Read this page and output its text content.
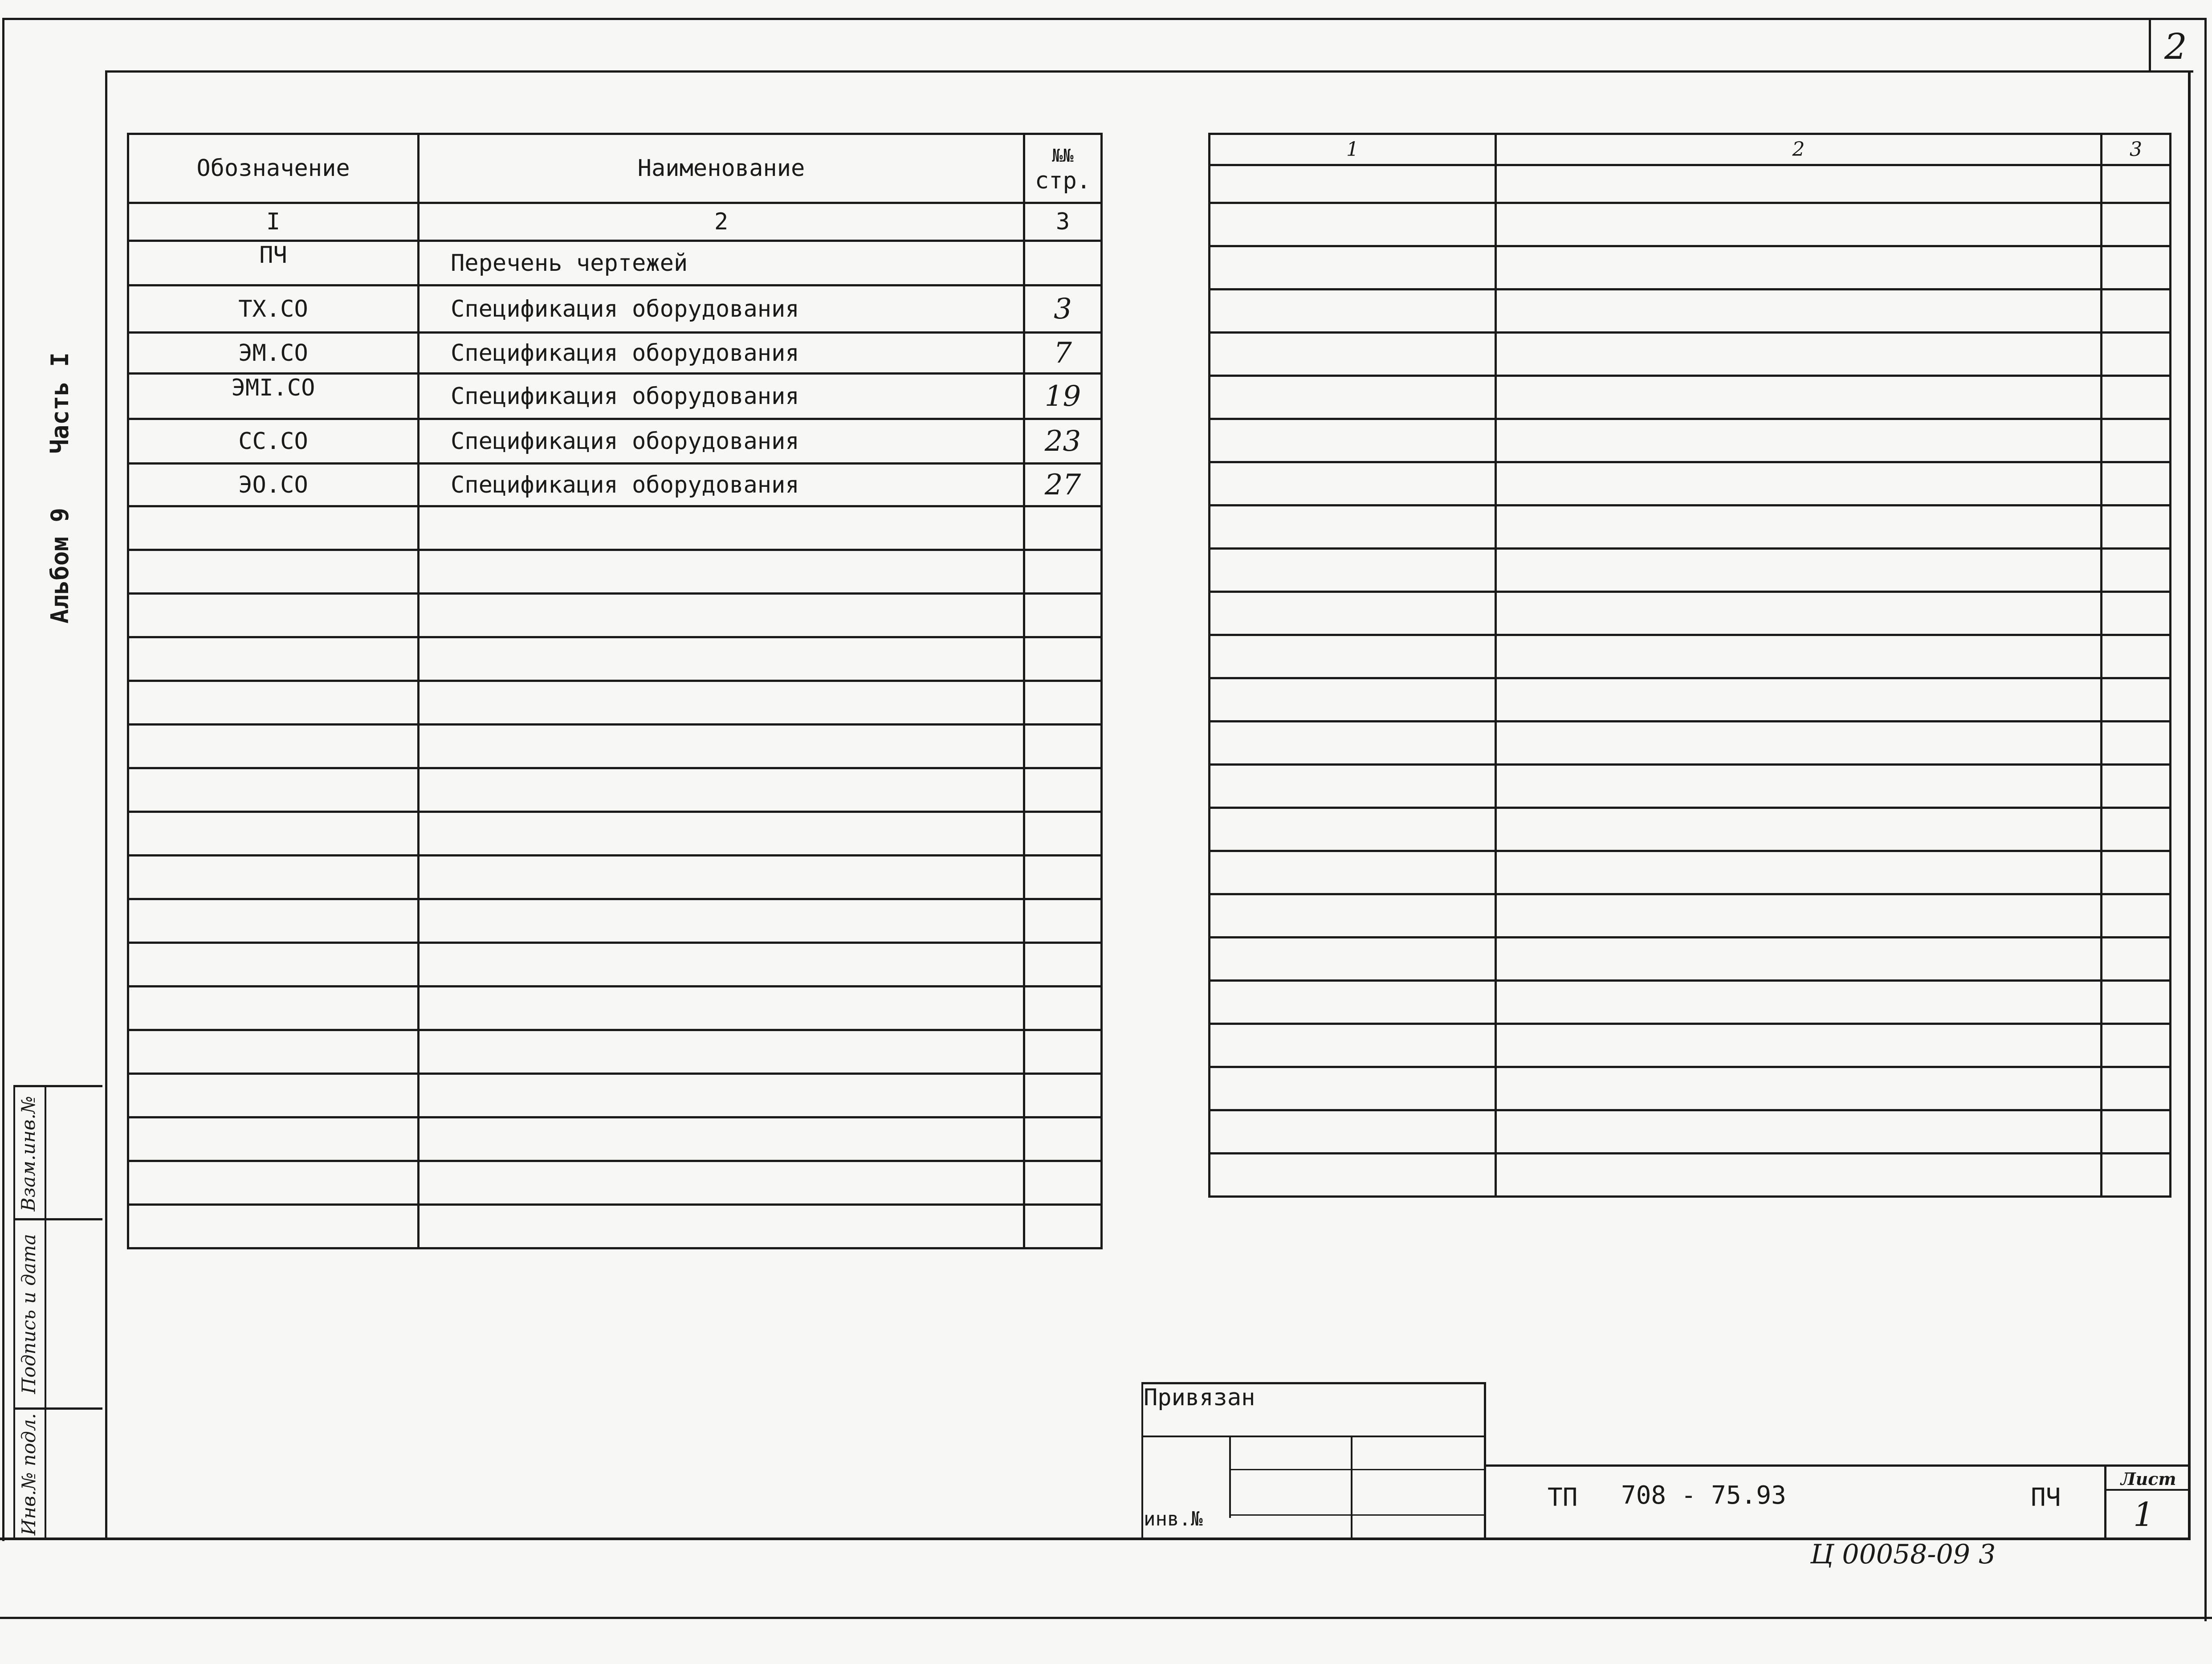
2
Альбом 9
Часть I
Взам.инв.№
Подпись и дата
Инв.№ подл.
Обозначение	Наименование	№№
стр.

I	2	3
ПЧ	Перечень чертежей	
ТХ.СО	Спецификация оборудования	3
ЭМ.СО	Спецификация оборудования	7
ЭМI.СО	Спецификация оборудования	19
СС.СО	Спецификация оборудования	23
ЭО.СО	Спецификация оборудования	27

1	2	3

Привязан
инв.№
ТП 708 - 75.93	ПЧ
Лист
1
Ц 00058-09 3
